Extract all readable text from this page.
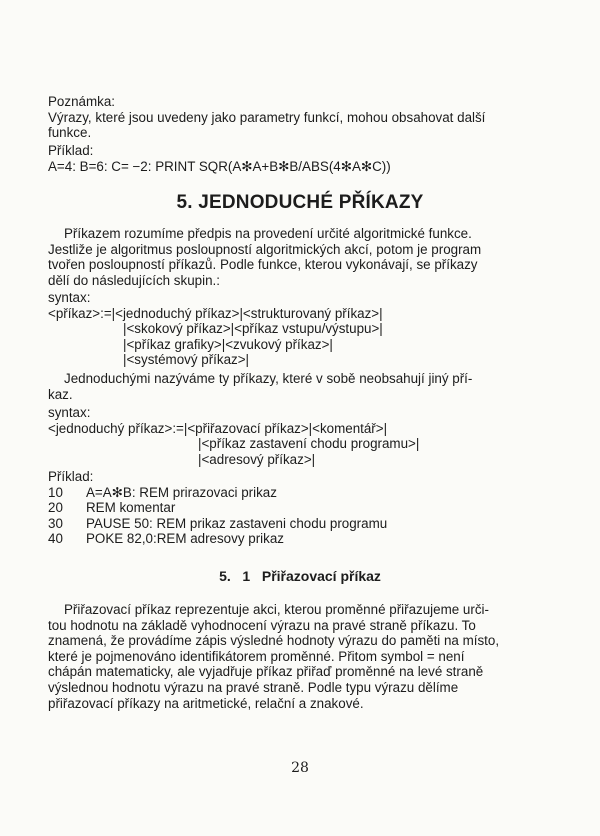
Poznámka:
Výrazy, které jsou uvedeny jako parametry funkcí, mohou obsahovat další
funkce.
Příklad:
A=4: B=6: C= −2: PRINT SQR(A✻A+B✻B/ABS(4✻A✻C))
5. JEDNODUCHÉ PŘÍKAZY
Příkazem rozumíme předpis na provedení určité algoritmické funkce.
Jestliže je algoritmus posloupností algoritmických akcí, potom je program
tvořen posloupností příkazů. Podle funkce, kterou vykonávají, se příkazy
dělí do následujících skupin.:
syntax:
<příkaz>:=|<jednoduchý příkaz>|<strukturovaný příkaz>|
|<skokový příkaz>|<příkaz vstupu/výstupu>|
|<příkaz grafiky>|<zvukový příkaz>|
|<systémový příkaz>|
Jednoduchými nazýváme ty příkazy, které v sobě neobsahují jiný pří-
kaz.
syntax:
<jednoduchý příkaz>:=|<přiřazovací příkaz>|<komentář>|
|<příkaz zastavení chodu programu>|
|<adresový příkaz>|
Příklad:
10 A=A✻B: REM prirazovaci prikaz
20 REM komentar
30 PAUSE 50: REM prikaz zastaveni chodu programu
40 POKE 82,0:REM adresovy prikaz
5.   1   Přiřazovací příkaz
Přiřazovací příkaz reprezentuje akci, kterou proměnné přiřazujeme urči-
tou hodnotu na základě vyhodnocení výrazu na pravé straně příkazu. To
znamená, že provádíme zápis výsledné hodnoty výrazu do paměti na místo,
které je pojmenováno identifikátorem proměnné. Přitom symbol = není
chápán matematicky, ale vyjadřuje příkaz přiřaď proměnné na levé straně
výslednou hodnotu výrazu na pravé straně. Podle typu výrazu dělíme
přiřazovací příkazy na aritmetické, relační a znakové.
28
